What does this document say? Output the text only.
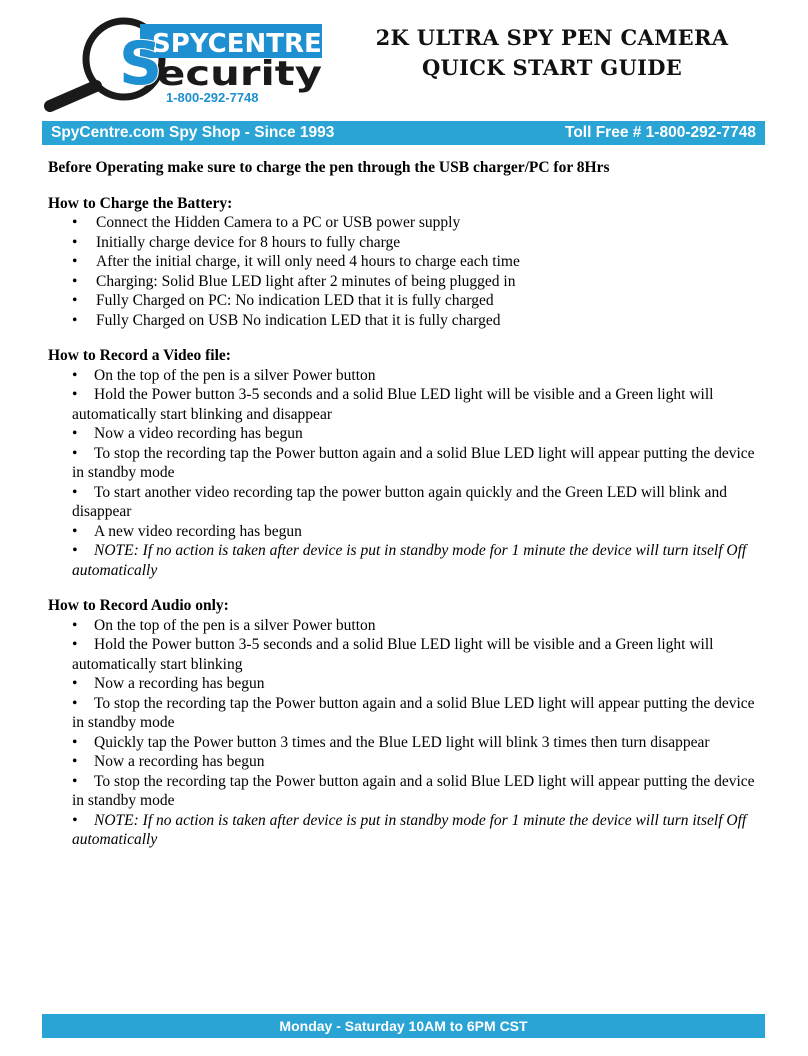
S
SPYCENTRE
ecurity
1-800-292-7748
2K ULTRA SPY PEN CAMERA
QUICK START GUIDE
SpyCentre.com Spy Shop - Since 1993	Toll Free # 1-800-292-7748

Before Operating make sure to charge the pen through the USB charger/PC for 8Hrs

How to Charge the Battery:

• Connect the Hidden Camera to a PC or USB power supply
• Initially charge device for 8 hours to fully charge
• After the initial charge, it will only need 4 hours to charge each time
• Charging: Solid Blue LED light after 2 minutes of being plugged in
• Fully Charged on PC: No indication LED that it is fully charged
• Fully Charged on USB No indication LED that it is fully charged

How to Record a Video file:

• On the top of the pen is a silver Power button
• Hold the Power button 3-5 seconds and a solid Blue LED light will be visible and a Green light will automatically start blinking and disappear
• Now a video recording has begun
• To stop the recording tap the Power button again and a solid Blue LED light will appear putting the device in standby mode
• To start another video recording tap the power button again quickly and the Green LED will blink and disappear
• A new video recording has begun
• NOTE: If no action is taken after device is put in standby mode for 1 minute the device will turn itself Off automatically

How to Record Audio only:

• On the top of the pen is a silver Power button
• Hold the Power button 3-5 seconds and a solid Blue LED light will be visible and a Green light will automatically start blinking
• Now a recording has begun
• To stop the recording tap the Power button again and a solid Blue LED light will appear putting the device in standby mode
• Quickly tap the Power button 3 times and the Blue LED light will blink 3 times then turn disappear
• Now a recording has begun
• To stop the recording tap the Power button again and a solid Blue LED light will appear putting the device in standby mode
• NOTE: If no action is taken after device is put in standby mode for 1 minute the device will turn itself Off automatically
Monday - Saturday 10AM to 6PM CST
